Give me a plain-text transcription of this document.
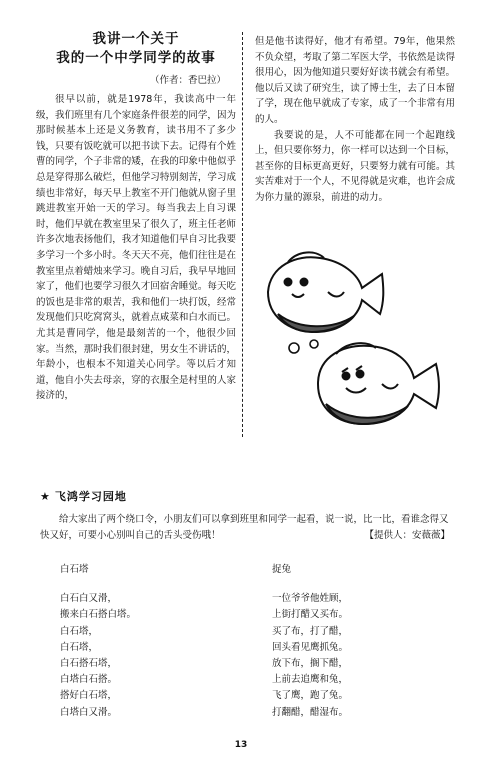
我讲一个关于
我的一个中学同学的故事
（作者：香巴拉）

很早以前，就是1978年，我读高中一年级，我们班里有几个家庭条件很差的同学，因为那时候基本上还是义务教育，读书用不了多少钱，只要有饭吃就可以把书读下去。记得有个姓曹的同学，个子非常的矮，在我的印象中他似乎总是穿得那么破烂，但他学习特别刻苦，学习成绩也非常好，每天早上教室不开门他就从窗子里跳进教室开始一天的学习。每当我去上自习课时，他们早就在教室里呆了很久了，班主任老师许多次地表扬他们，我才知道他们早自习比我要多学习一个多小时。冬天天不亮，他们往往是在教室里点着蜡烛来学习。晚自习后，我早早地回家了，他们也要学习很久才回宿舍睡觉。每天吃的饭也是非常的艰苦，我和他们一块打饭，经常发现他们只吃窝窝头，就着点咸菜和白水而已。尤其是曹同学，他是最刻苦的一个，他很少回家。当然，那时我们很封建，男女生不讲话的，年龄小，也根本不知道关心同学。等以后才知道，他自小失去母亲，穿的衣服全是村里的人家接济的，

但是他书读得好，他才有希望。79年，他果然不负众望，考取了第二军医大学，书依然是读得很用心，因为他知道只要好好读书就会有希望。他以后又读了研究生，读了博士生，去了日本留了学，现在他早就成了专家，成了一个非常有用的人。

我要说的是，人不可能都在同一个起跑线上，但只要你努力，你一样可以达到一个目标，甚至你的目标更高更好，只要努力就有可能。其实苦难对于一个人，不见得就是灾难，也许会成为你力量的源泉，前进的动力。

★ 飞鸿学习园地

给大家出了两个绕口令，小朋友们可以拿到班里和同学一起看，说一说，比一比，看谁念得又快又好，可要小心别叫自己的舌头受伤哦！	【提供人：安薇薇】

白石塔
白石白又滑，
搬来白石搭白塔。
白石塔，
白石塔，
白石搭石塔，
白塔白石搭。
搭好白石塔，
白塔白又滑。
捉兔
一位爷爷他姓顾，
上街打醋又买布。
买了布，打了醋，
回头看见鹰抓兔。
放下布，搁下醋，
上前去追鹰和兔，
飞了鹰，跑了兔。
打翻醋，醋湿布。
13
